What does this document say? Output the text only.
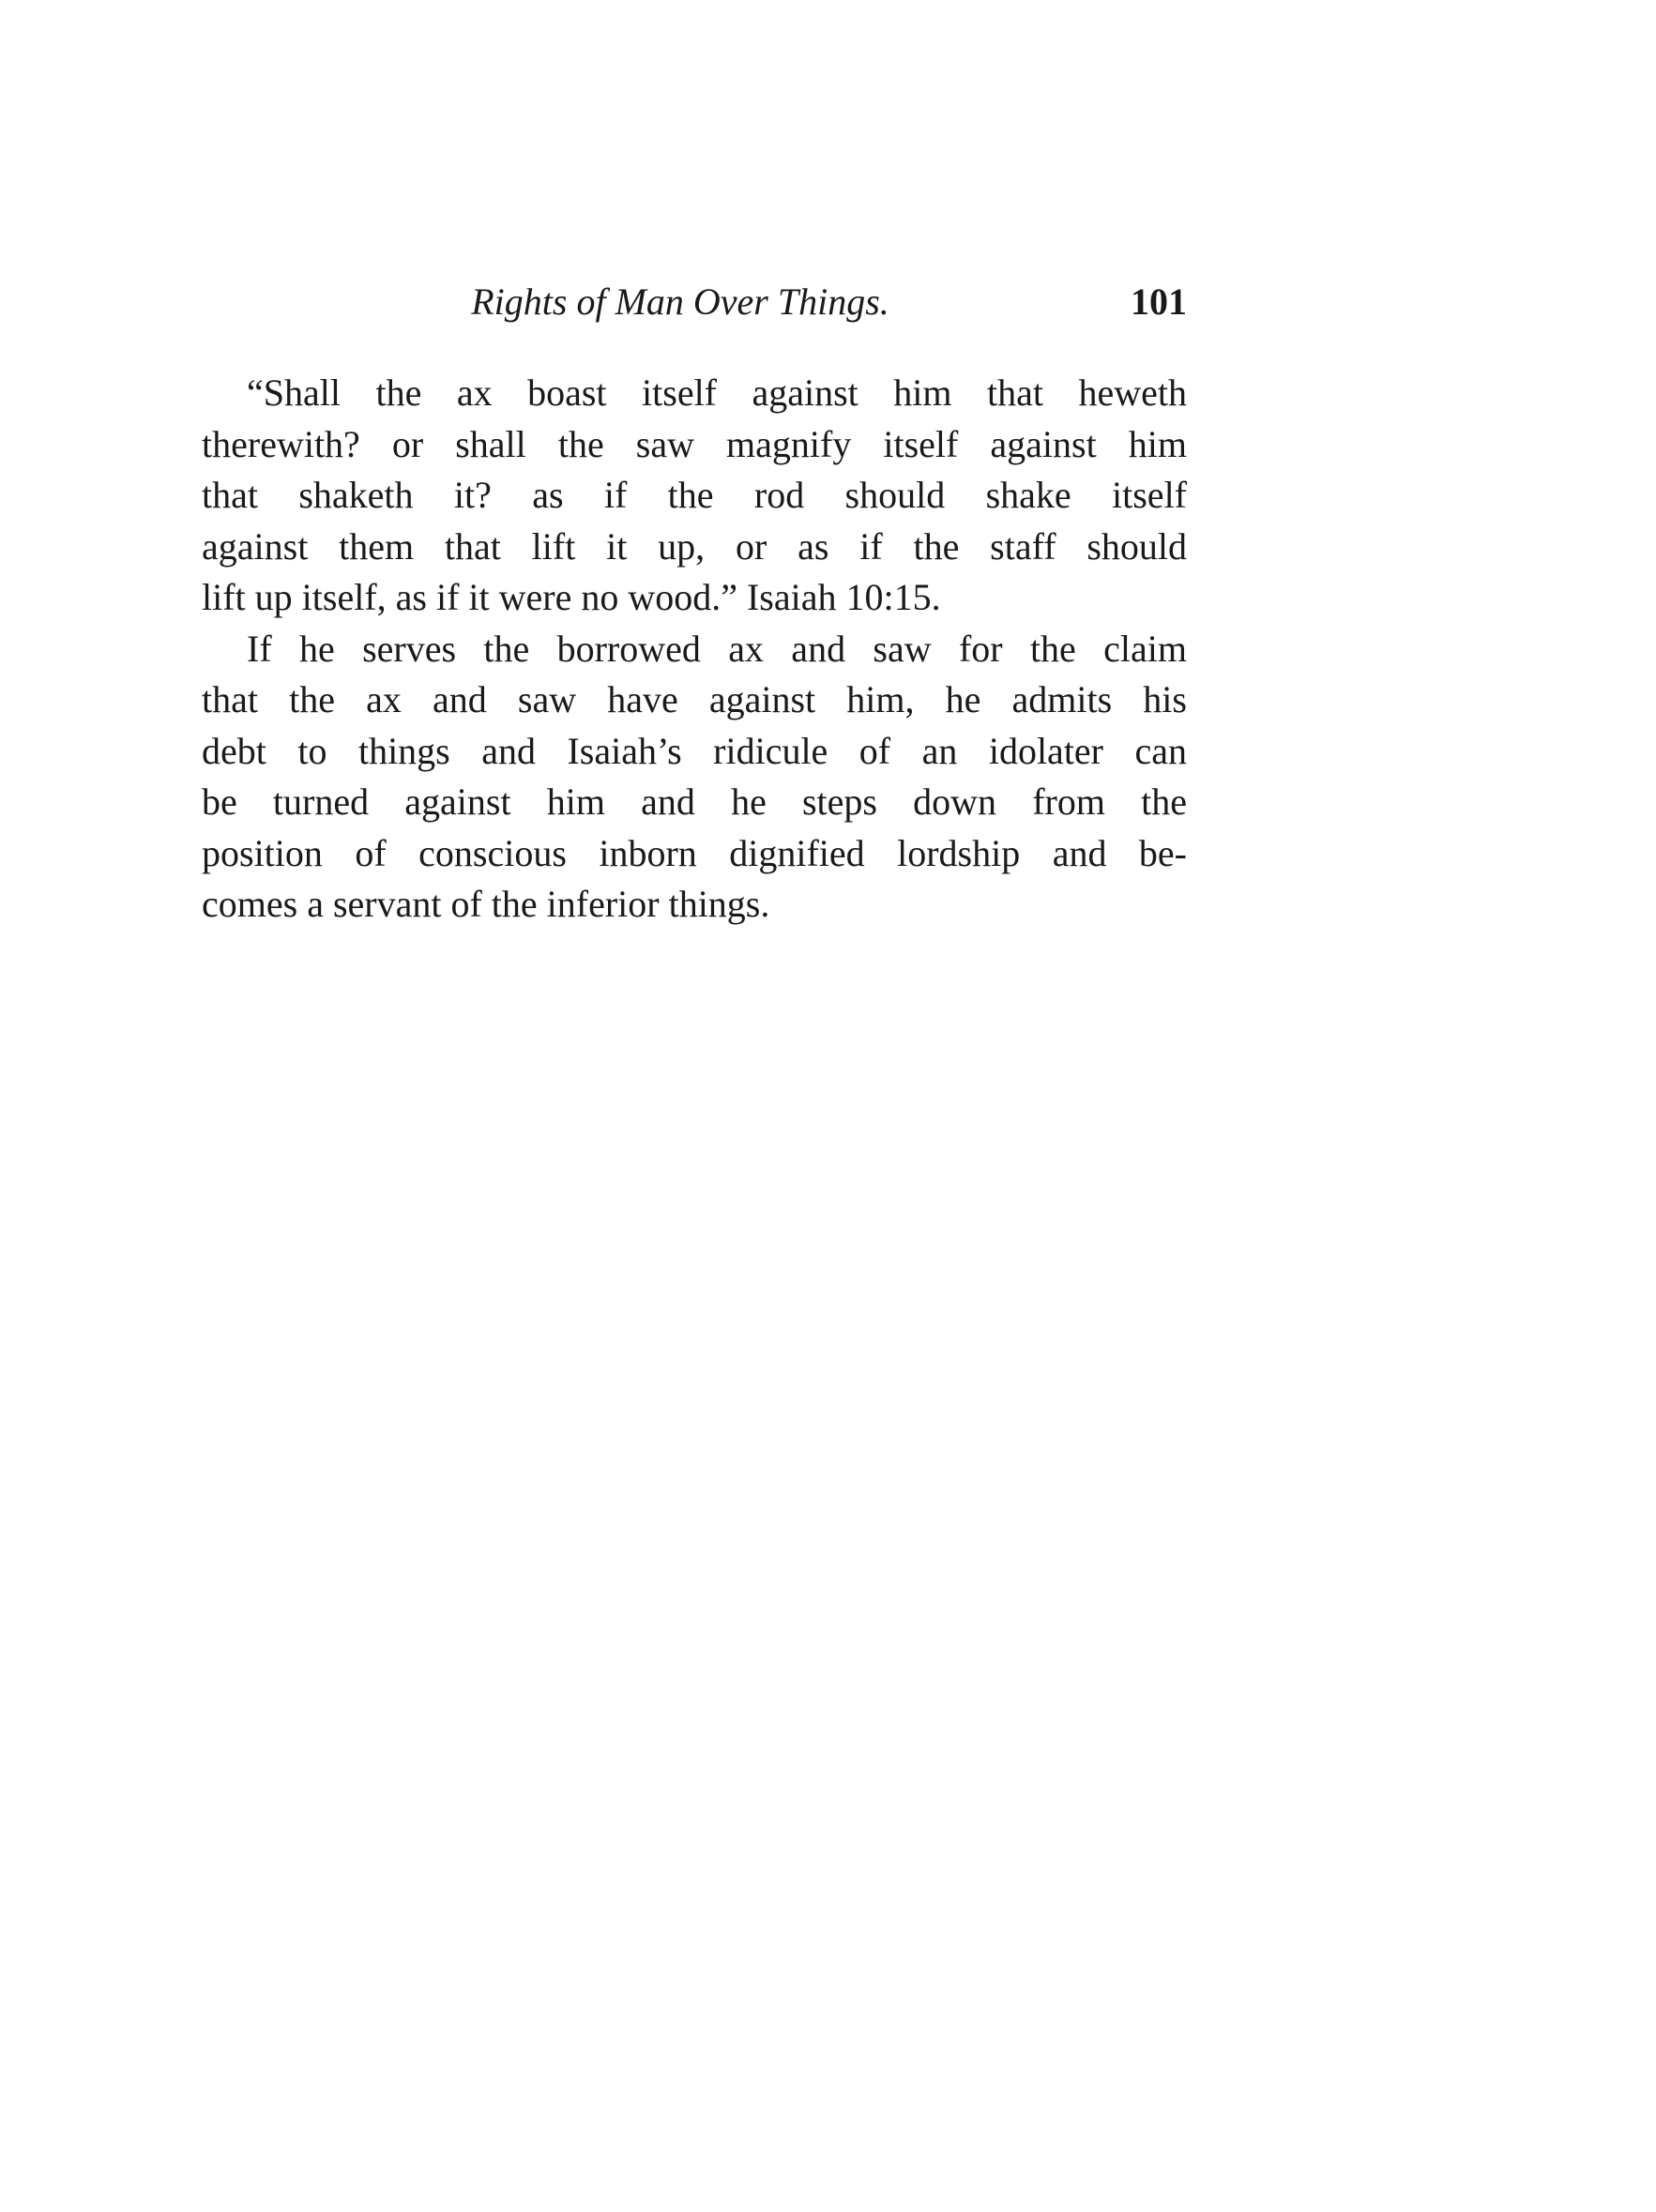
Rights of Man Over Things.	101
“Shall the ax boast itself against him that heweth
therewith? or shall the saw magnify itself against him
that shaketh it? as if the rod should shake itself
against them that lift it up, or as if the staff should
lift up itself, as if it were no wood.” Isaiah 10:15.
If he serves the borrowed ax and saw for the claim
that the ax and saw have against him, he admits his
debt to things and Isaiah’s ridicule of an idolater can
be turned against him and he steps down from the
position of conscious inborn dignified lordship and be-
comes a servant of the inferior things.
